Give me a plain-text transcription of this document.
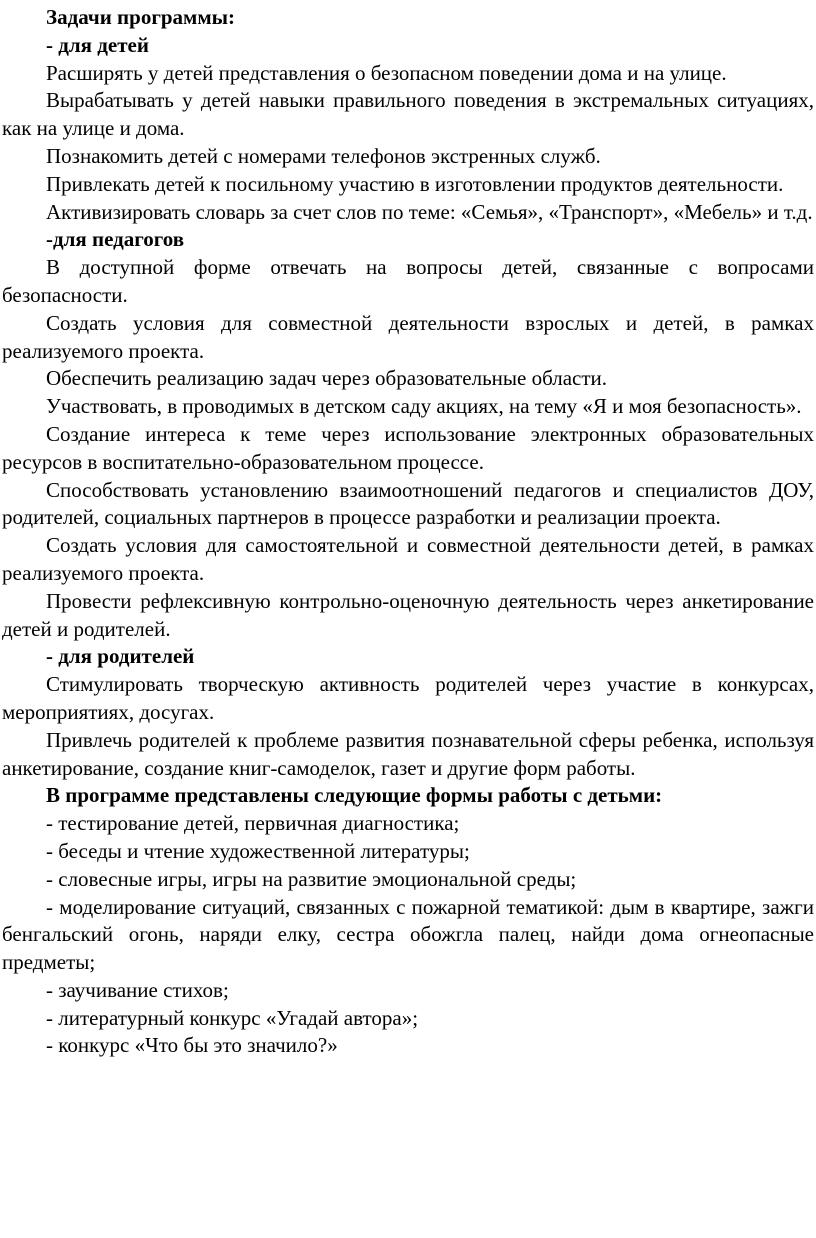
Задачи программы:

- для детей

Расширять у детей представления о безопасном поведении дома и на улице.

Вырабатывать у детей навыки правильного поведения в экстремальных ситуациях, как на улице и дома.

Познакомить детей с номерами телефонов экстренных служб.

Привлекать детей к посильному участию в изготовлении продуктов деятельности.

Активизировать словарь за счет слов по теме: «Семья», «Транспорт», «Мебель» и т.д.

-для педагогов

В доступной форме отвечать на вопросы детей, связанные с вопросами безопасности.

Создать условия для совместной деятельности взрослых и детей, в рамках реализуемого проекта.

Обеспечить реализацию задач через образовательные области.

Участвовать, в проводимых в детском саду акциях, на тему «Я и моя безопасность».

Создание интереса к теме через использование электронных образовательных ресурсов в воспитательно-образовательном процессе.

Способствовать установлению взаимоотношений педагогов и специалистов ДОУ, родителей, социальных партнеров в процессе разработки и реализации проекта.

Создать условия для самостоятельной и совместной деятельности детей, в рамках реализуемого проекта.

Провести рефлексивную контрольно-оценочную деятельность через анкетирование детей и родителей.

- для родителей

Стимулировать творческую активность родителей через участие в конкурсах, мероприятиях, досугах.

Привлечь родителей к проблеме развития познавательной сферы ребенка, используя анкетирование, создание книг-самоделок, газет и другие форм работы.

В программе представлены следующие формы работы с детьми:

- тестирование детей, первичная диагностика;

- беседы и чтение художественной литературы;

- словесные игры, игры на развитие эмоциональной среды;

- моделирование ситуаций, связанных с пожарной тематикой: дым в квартире, зажги бенгальский огонь, наряди елку, сестра обожгла палец, найди дома огнеопасные предметы;

- заучивание стихов;

- литературный конкурс «Угадай автора»;

- конкурс «Что бы это значило?»
